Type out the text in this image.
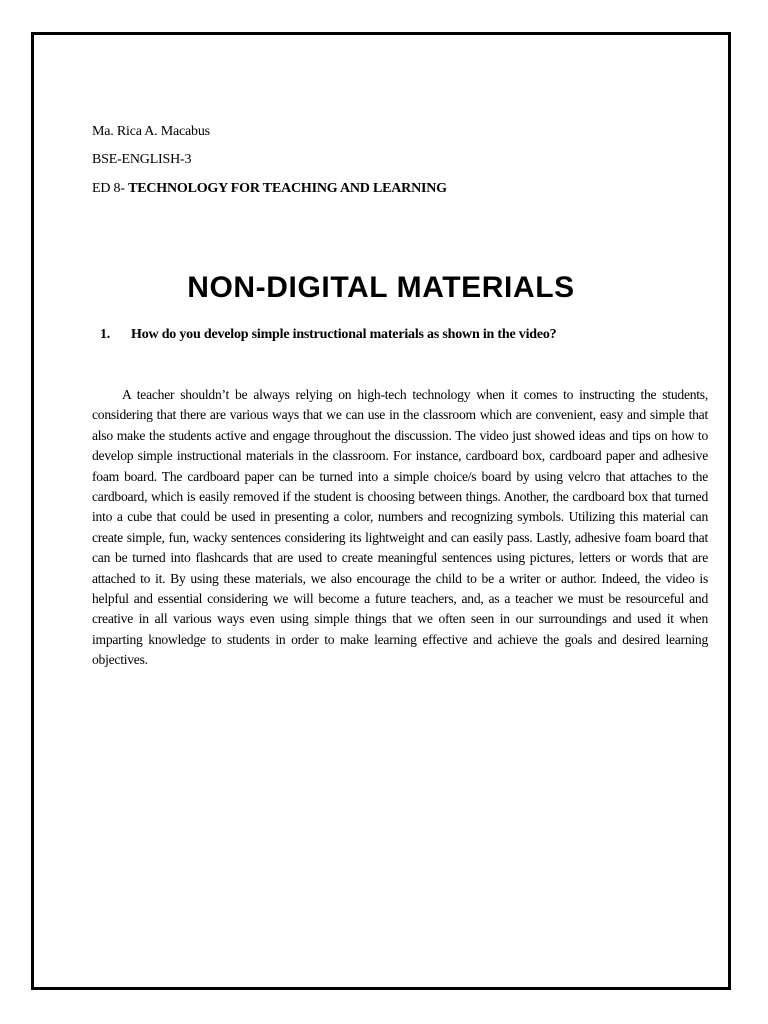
Ma. Rica A. Macabus
BSE-ENGLISH-3
ED 8- TECHNOLOGY FOR TEACHING AND LEARNING
NON-DIGITAL MATERIALS
1. How do you develop simple instructional materials as shown in the video?

A teacher shouldn’t be always relying on high-tech technology when it comes to instructing the students, considering that there are various ways that we can use in the classroom which are convenient, easy and simple that also make the students active and engage throughout the discussion. The video just showed ideas and tips on how to develop simple instructional materials in the classroom. For instance, cardboard box, cardboard paper and adhesive foam board. The cardboard paper can be turned into a simple choice/s board by using velcro that attaches to the cardboard, which is easily removed if the student is choosing between things. Another, the cardboard box that turned into a cube that could be used in presenting a color, numbers and recognizing symbols. Utilizing this material can create simple, fun, wacky sentences considering its lightweight and can easily pass. Lastly, adhesive foam board that can be turned into flashcards that are used to create meaningful sentences using pictures, letters or words that are attached to it. By using these materials, we also encourage the child to be a writer or author. Indeed, the video is helpful and essential considering we will become a future teachers, and, as a teacher we must be resourceful and creative in all various ways even using simple things that we often seen in our surroundings and used it when imparting knowledge to students in order to make learning effective and achieve the goals and desired learning objectives.
